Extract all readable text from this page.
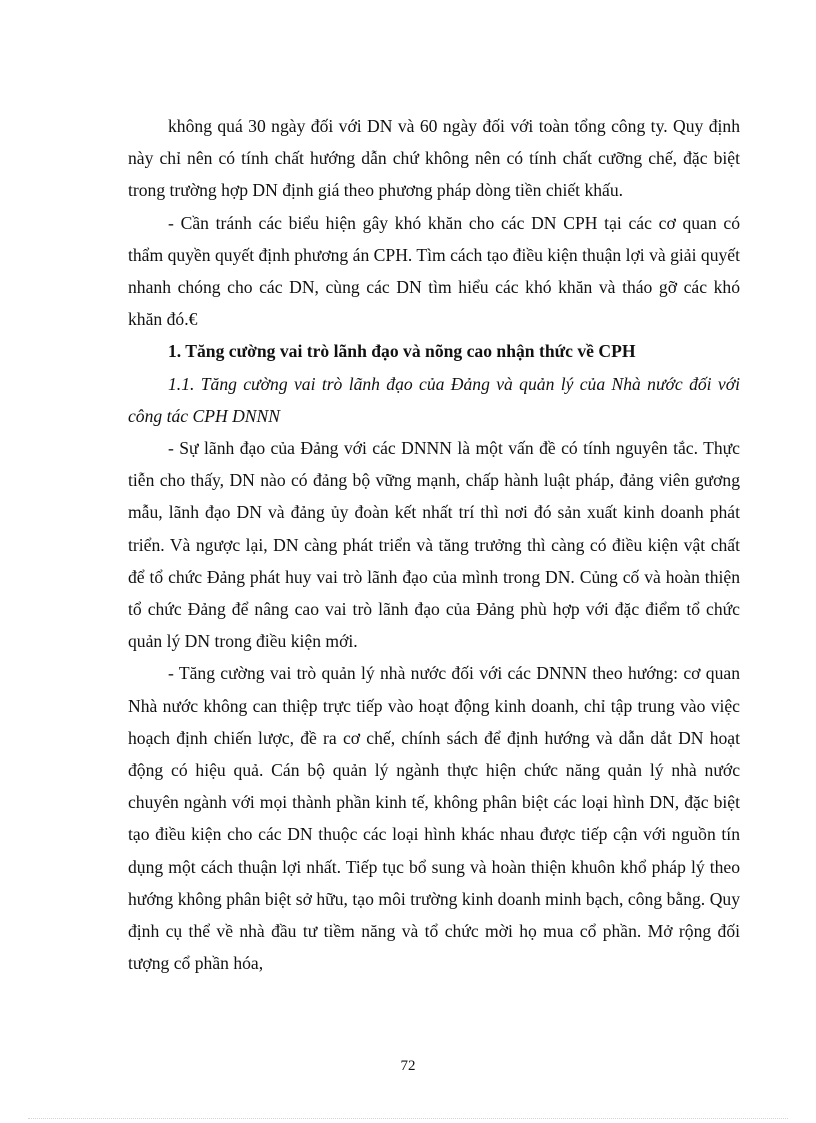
không quá 30 ngày đối với DN và 60 ngày đối với toàn tổng công ty. Quy định này chỉ nên có tính chất hướng dẫn chứ không nên có tính chất cưỡng chế, đặc biệt trong trường hợp DN định giá theo phương pháp dòng tiền chiết khấu.

- Cần tránh các biểu hiện gây khó khăn cho các DN CPH tại các cơ quan có thẩm quyền quyết định phương án CPH. Tìm cách tạo điều kiện thuận lợi và giải quyết nhanh chóng cho các DN, cùng các DN tìm hiểu các khó khăn và tháo gỡ các khó khăn đó.€

1. Tăng cường vai trò lãnh đạo và nõng cao nhận thức về CPH

1.1. Tăng cường vai trò lãnh đạo của Đảng và quản lý của Nhà nước đối với công tác CPH DNNN

- Sự lãnh đạo của Đảng với các DNNN là một vấn đề có tính nguyên tắc. Thực tiễn cho thấy, DN nào có đảng bộ vững mạnh, chấp hành luật pháp, đảng viên gương mẫu, lãnh đạo DN và đảng ủy đoàn kết nhất trí thì nơi đó sản xuất kinh doanh phát triển. Và ngược lại, DN càng phát triển và tăng trưởng thì càng có điều kiện vật chất để tổ chức Đảng phát huy vai trò lãnh đạo của mình trong DN. Củng cố và hoàn thiện tổ chức Đảng để nâng cao vai trò lãnh đạo của Đảng phù hợp với đặc điểm tổ chức quản lý DN trong điều kiện mới.

- Tăng cường vai trò quản lý nhà nước đối với các DNNN theo hướng: cơ quan Nhà nước không can thiệp trực tiếp vào hoạt động kinh doanh, chỉ tập trung vào việc hoạch định chiến lược, đề ra cơ chế, chính sách để định hướng và dẫn dắt DN hoạt động có hiệu quả. Cán bộ quản lý ngành thực hiện chức năng quản lý nhà nước chuyên ngành với mọi thành phần kinh tế, không phân biệt các loại hình DN, đặc biệt tạo điều kiện cho các DN thuộc các loại hình khác nhau được tiếp cận với nguồn tín dụng một cách thuận lợi nhất. Tiếp tục bổ sung và hoàn thiện khuôn khổ pháp lý theo hướng không phân biệt sở hữu, tạo môi trường kinh doanh minh bạch, công bằng. Quy định cụ thể về nhà đầu tư tiềm năng và tổ chức mời họ mua cổ phần. Mở rộng đối tượng cổ phần hóa,

72
